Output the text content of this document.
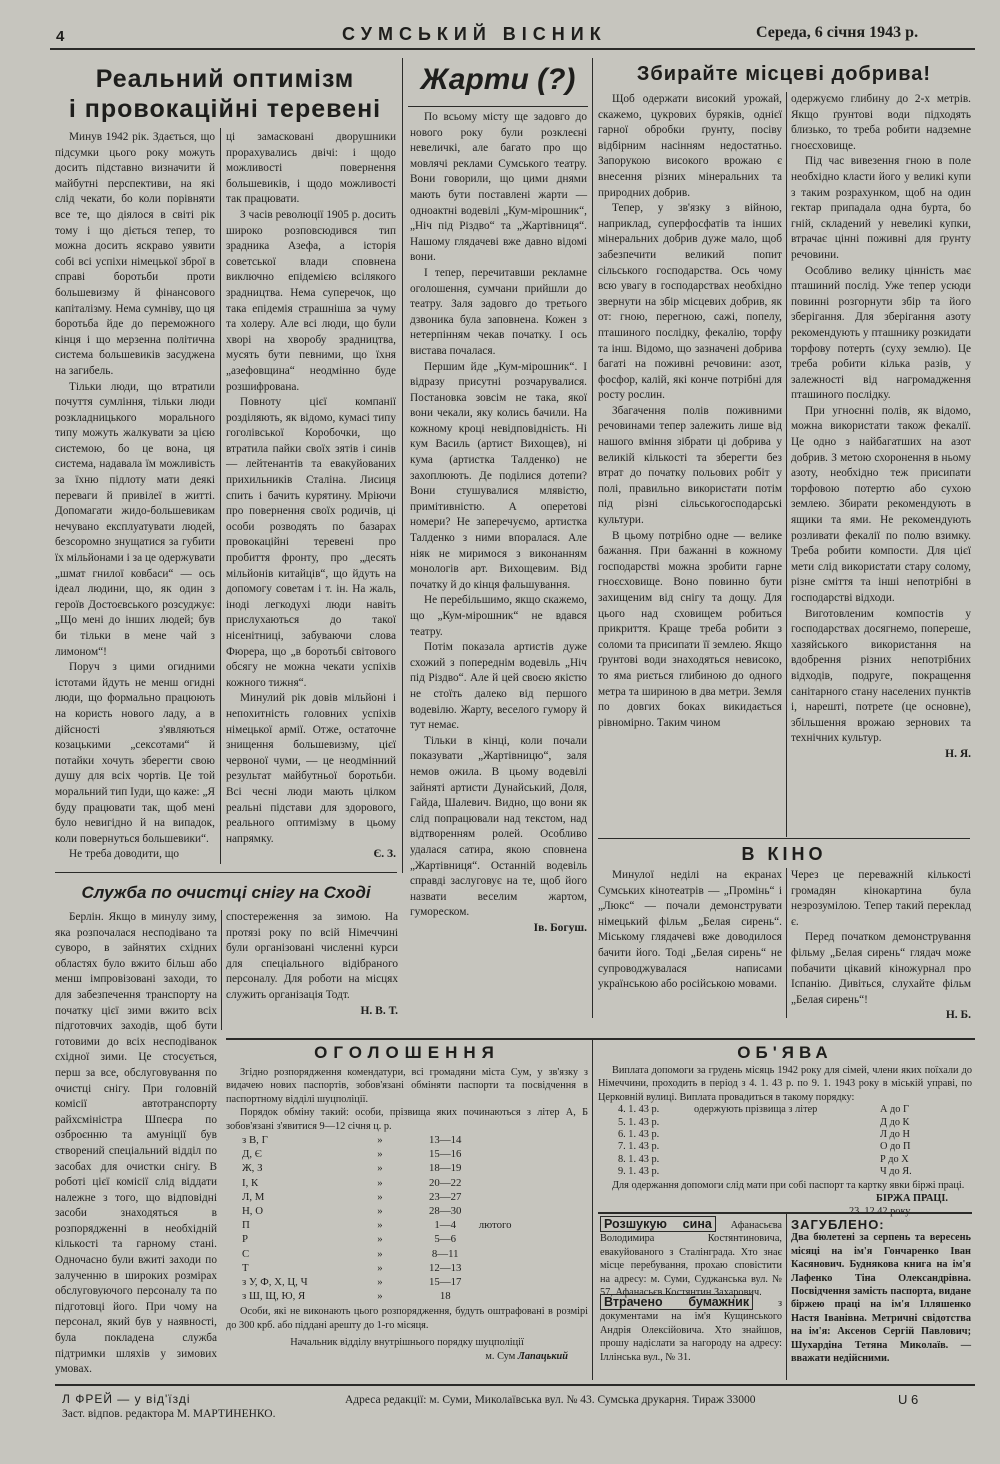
4	СУМСЬКИЙ ВІСНИК	Середа, 6 січня 1943 р.
Реальний оптимізм
і провокаційні теревені

Минув 1942 рік. Здається, що підсумки цього року можуть досить підставно визначити й майбутні перспективи, на які слід чекати, бо коли порівняти все те, що діялося в світі рік тому і що діється тепер, то можна досить яскраво уявити собі всі успіхи німецької зброї в справі боротьби проти большевизму й фінансового капіталізму. Нема сумніву, що ця боротьба йде до переможного кінця і що мерзенна політична система большевиків засуджена на загибель.

Тільки люди, що втратили почуття сумління, тільки люди розкладницького морального типу можуть жалкувати за цією системою, бо це вона, ця система, надавала їм можливість за їхню підлоту мати деякі переваги й привілеї в житті. Допомагати жидо-большевикам нечувано експлуатувати людей, безсоромно знущатися за губити їх мільйонами і за це одержувати „шмат гнилої ковбаси“ — ось ідеал людини, що, як один з героїв Достоєвського розсуджує: „Що мені до інших людей; був би тільки в мене чай з лимоном“!

Поруч з цими огидними істотами йдуть не менш огидні люди, що формально працюють на користь нового ладу, а в дійсності з'являються козацькими „сексотами“ й потайки хочуть зберегти свою душу для всіх чортів. Це той моральний тип Іуди, що каже: „Я буду працювати так, щоб мені було невигідно й на випадок, коли повернуться большевики“.

Не треба доводити, що

ці замасковані дворушники прорахувались двічі: і щодо можливості повернення большевиків, і щодо можливості так працювати.

З часів революції 1905 р. досить широко розповсюдився тип зрадника Азефа, а історія советської влади сповнена виключно епідемією всілякого зрадництва. Нема суперечок, що така епідемія страшніша за чуму та холеру. Але всі люди, що були хворі на хворобу зрадництва, мусять бути певними, що їхня „азефовщина“ неодмінно буде розшифрована.

Повноту цієї компанії розділяють, як відомо, кумасі типу гоголівської Коробочки, що втратила пайки своїх зятів і синів — лейтенантів та евакуйованих прихильників Сталіна. Лисиця спить і бачить курятину. Мріючи про повернення своїх родичів, ці особи розводять по базарах провокаційні теревені про пробиття фронту, про „десять мільйонів китайців“, що йдуть на допомогу советам і т. ін. На жаль, іноді легкодухі люди навіть прислухаються до такої нісенітниці, забуваючи слова Фюрера, що „в боротьбі світового обсягу не можна чекати успіхів кожного тижня“.

Минулий рік довів мільйоні і непохитність головних успіхів німецької армії. Отже, остаточне знищення большевизму, цієї червоної чуми, — це неодмінний результат майбутньої боротьби. Всі чесні люди мають цілком реальні підстави для здорового, реального оптимізму в цьому напрямку.

Є. З.
Жарти (?)

По всьому місту ще задовго до нового року були розклеєні невеличкі, але багато про що мовлячі реклами Сумського театру. Вони говорили, що цими днями мають бути поставлені жарти — одноактні водевілі „Кум-мірошник“, „Ніч під Різдво“ та „Жартівниця“. Нашому глядачеві вже давно відомі вони.

І тепер, перечитавши рекламне оголошення, сумчани прийшли до театру. Заля задовго до третього дзвоника була заповнена. Кожен з нетерпінням чекав початку. І ось вистава почалася.

Першим йде „Кум-мірошник“. І відразу присутні розчарувалися. Постановка зовсім не така, якої вони чекали, яку колись бачили. На кожному кроці невідповідність. Ні кум Василь (артист Вихощев), ні кума (артистка Талденко) не захоплюють. Де поділися дотепи? Вони стушувалися млявістю, примітивністю. А оперетові номери? Не заперечуємо, артистка Талденко з ними впоралася. Але ніяк не миримося з виконанням монологів арт. Вихощевим. Від початку й до кінця фальшування.

Не перебільшимо, якщо скажемо, що „Кум-мірошник“ не вдався театру.

Потім показала артистів дуже схожий з попереднім водевіль „Ніч під Різдво“. Але й цей своєю якістю не стоїть далеко від першого водевілю. Жарту, веселого гумору й тут немає.

Тільки в кінці, коли почали показувати „Жартівницю“, заля немов ожила. В цьому водевілі зайняті артисти Дунайський, Доля, Гайда, Шалевич. Видно, що вони як слід попрацювали над текстом, над відтворенням ролей. Особливо удалася сатира, якою сповнена „Жартівниця“. Останній водевіль справді заслуговує на те, щоб його назвати веселим жартом, гумореском.

Ів. Богуш.
Збирайте місцеві добрива!

Щоб одержати високий урожай, скажемо, цукрових буряків, однієї гарної обробки ґрунту, посіву відбірним насінням недостатньо. Запорукою високого врожаю є внесення різних мінеральних та природних добрив.

Тепер, у зв'язку з війною, наприклад, суперфосфатів та інших мінеральних добрив дуже мало, щоб забезпечити великий попит сільського господарства. Ось чому всю увагу в господарствах необхідно звернути на збір місцевих добрив, як от: гною, перегною, сажі, попелу, пташиного послідку, фекалію, торфу та інш. Відомо, що зазначені добрива багаті на поживні речовини: азот, фосфор, калій, які конче потрібні для росту рослин.

Збагачення полів поживними речовинами тепер залежить лише від нашого вміння зібрати ці добрива у великій кількості та зберегти без втрат до початку польових робіт у полі, правильно використати потім під різні сільськогосподарські культури.

В цьому потрібно одне — велике бажання. При бажанні в кожному господарстві можна зробити гарне гноєсховище. Воно повинно бути захищеним від снігу та дощу. Для цього над сховищем робиться прикриття. Краще треба робити з соломи та присипати її землею. Якщо ґрунтові води знаходяться невисоко, то яма риється глибиною до одного метра та шириною в два метри. Земля по довгих боках викидається рівномірно. Таким чином

одержуємо глибину до 2-х метрів. Якщо ґрунтові води підходять близько, то треба робити надземне гноєсховище.

Під час вивезення гною в поле необхідно класти його у великі купи з таким розрахунком, щоб на один гектар припадала одна бурта, бо гній, складений у невеликі купки, втрачає цінні поживні для ґрунту речовини.

Особливо велику цінність має пташиний послід. Уже тепер усюди повинні розгорнути збір та його зберігання. Для зберігання азоту рекомендують у пташнику розкидати торфову потерть (суху землю). Це треба робити кілька разів, у залежності від нагромадження пташиного послідку.

При угноєнні полів, як відомо, можна використати також фекалії. Це одно з найбагатших на азот добрив. З метою схоронення в ньому азоту, необхідно теж присипати торфовою потертю або сухою землею. Збирати рекомендують в ящики та ями. Не рекомендують розливати фекалії по полю взимку. Треба робити компости. Для цієї мети слід використати стару солому, різне сміття та інші непотрібні в господарстві відходи.

Виготовленим компостів у господарствах досягнемо, попереше, хазяйського використання на вдобрення різних непотрібних відходів, подруге, покращення санітарного стану населених пунктів і, нарешті, потрете (це основне), збільшення врожаю зернових та технічних культур.

Н. Я.
В КІНО
Минулої неділі на екранах Сумських кінотеатрів — „Промінь“ і „Люкс“ — почали демонструвати німецький фільм „Белая сирень“. Міському глядачеві вже доводилося бачити його. Тоді „Белая сирень“ не супроводжувалася написами українською або російською мовами.

Через це переважній кількості громадян кінокартина була незрозумілою. Тепер такий переклад є.

Перед початком демонстрування фільму „Белая сирень“ глядач може побачити цікавий кіножурнал про Іспанію. Дивіться, слухайте фільм „Белая сирень“!

Н. Б.
Служба по очистці снігу на Сході
Берлін. Якщо в минулу зиму, яка розпочалася несподівано та суворо, в зайнятих східних областях було вжито більш або менш імпровізовані заходи, то для забезпечення транспорту на початку цієї зими вжито всіх підготовчих заходів, щоб бути готовими до всіх несподіванок східної зими. Це стосується, перш за все, обслуговування по очистці снігу. При головній комісії автотранспорту райхсміністра Шпеєра по озброєнню та амуніції був створений спеціальний відділ по засобах для очистки снігу. В роботі цієї комісії слід віддати належне з того, що відповідні засоби знаходяться в розпорядженні в необхідній кількості та гарному стані. Одночасно були вжиті заходи по залученню в широких розмірах обслуговуючого персоналу та по підготовці його. При чому на персонал, який був у наявності, була покладена служба підтримки шляхів у зимових умовах.
спостереження за зимою. На протязі року по всій Німеччині були організовані численні курси для спеціального відібраного персоналу. Для роботи на місцях служить організація Тодт.
Н. В. Т.
ОГОЛОШЕННЯ
Згідно розпорядження комендатури, всі громадяни міста Сум, у зв'язку з видачею нових паспортів, зобов'язані обміняти паспорти та посвідчення в паспортному відділі шуцполіції.
Порядок обміну такий: особи, прізвища яких починаються з літер А, Б зобов'язані з'явитися 9—12 січня ц. р.
з В, Г	»	13—14	
Д, Є	»	15—16	
Ж, З	»	18—19	
І, К	»	20—22	
Л, М	»	23—27	
Н, О	»	28—30	
П	»	1—4	лютого
Р	»	5—6	
С	»	8—11	
Т	»	12—13	
з У, Ф, Х, Ц, Ч	»	15—17	
з Ш, Щ, Ю, Я	»	18	
Особи, які не виконають цього розпорядження, будуть оштрафовані в розмірі до 300 крб. або піддані арешту до 1-го місяця.
Начальник відділу внутрішнього порядку шуцполіції
м. Сум Лапацький
ОБ'ЯВА
Виплата допомоги за грудень місяць 1942 року для сімей, члени яких поїхали до Німеччини, проходить в період з 4. 1. 43 р. по 9. 1. 1943 року в міській управі, по Церковній вулиці. Виплата провадиться в такому порядку:
4. 1. 43 р.	одержують прізвища з літер	А до Г
5. 1. 43 р.		Д до К
6. 1. 43 р.		Л до Н
7. 1. 43 р.		О до П
8. 1. 43 р.		Р до Х
9. 1. 43 р.		Ч до Я.
Для одержання допомоги слід мати при собі паспорт та картку явки біржі праці.
БІРЖА ПРАЦІ.
Розшукую сина Афанасьєва Володимира Костянтиновича, евакуйованого з Сталінграда. Хто знає місце перебування, прохаю сповістити на адресу: м. Суми, Суджанська вул. № 57, Афанасьєв Костянтин Захарович.
Втрачено бумажник	з документами на ім'я Кущинського Андрія Олексійовича. Хто знайшов, прошу надіслати за нагороду на адресу: Іллінська вул., № 31.
ЗАГУБЛЕНО:
Два бюлетені за серпень та вересень місяці на ім'я Гончаренко Іван Касянович. Буднякова книга на ім'я Лафенко Тіна Олександрівна. Посвідчення замість паспорта, видане біржею праці на ім'я Ілляшенко Настя Іванівна. Метричні свідотства на ім'я: Аксенов Сергій Павлович; Шухардіна Тетяна Миколаїв. — вважати недійсними.
Л ФРЕЙ — у від'їзді
Заст. відпов. редактора М. МАРТИНЕНКО.
Адреса редакції: м. Суми, Миколаївська вул. № 43. Сумська друкарня. Тираж 33000	U 6
